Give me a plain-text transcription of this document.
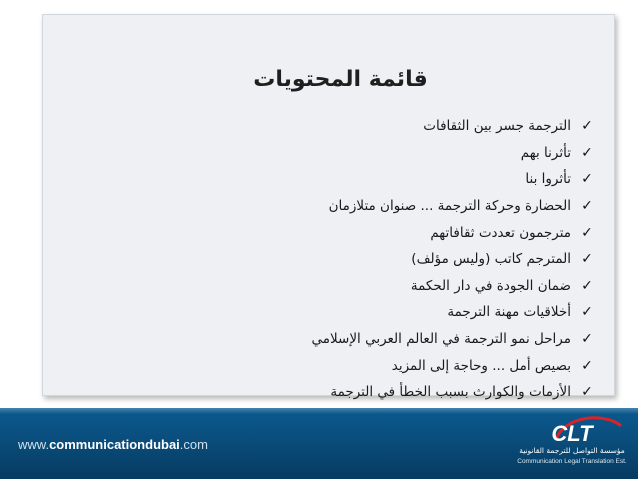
قائمة المحتويات
✓
التر‌جمة جسر بين الثقافات
✓
تأثرنا بهم
✓
تأثروا بنا
✓
الحضارة وحركة الترجمة ... صنوان متلازمان
✓
مترجمون تعددت ثقافاتهم
✓
المترجم كاتب (وليس مؤلف)
✓
ضمان الجودة في دار الحكمة
✓
أخلاقيات مهنة الترجمة
✓
مراحل نمو الترجمة في العالم العربي الإسلامي
✓
بصيص أمل ... وحاجة إلى المزيد
✓
الأزمات والكوارث بسبب الخطأ في الترجمة
www.communicationdubai.com	CLT
مؤسسة التواصل للترجمة القانونية
Communication Legal Translation Est.
